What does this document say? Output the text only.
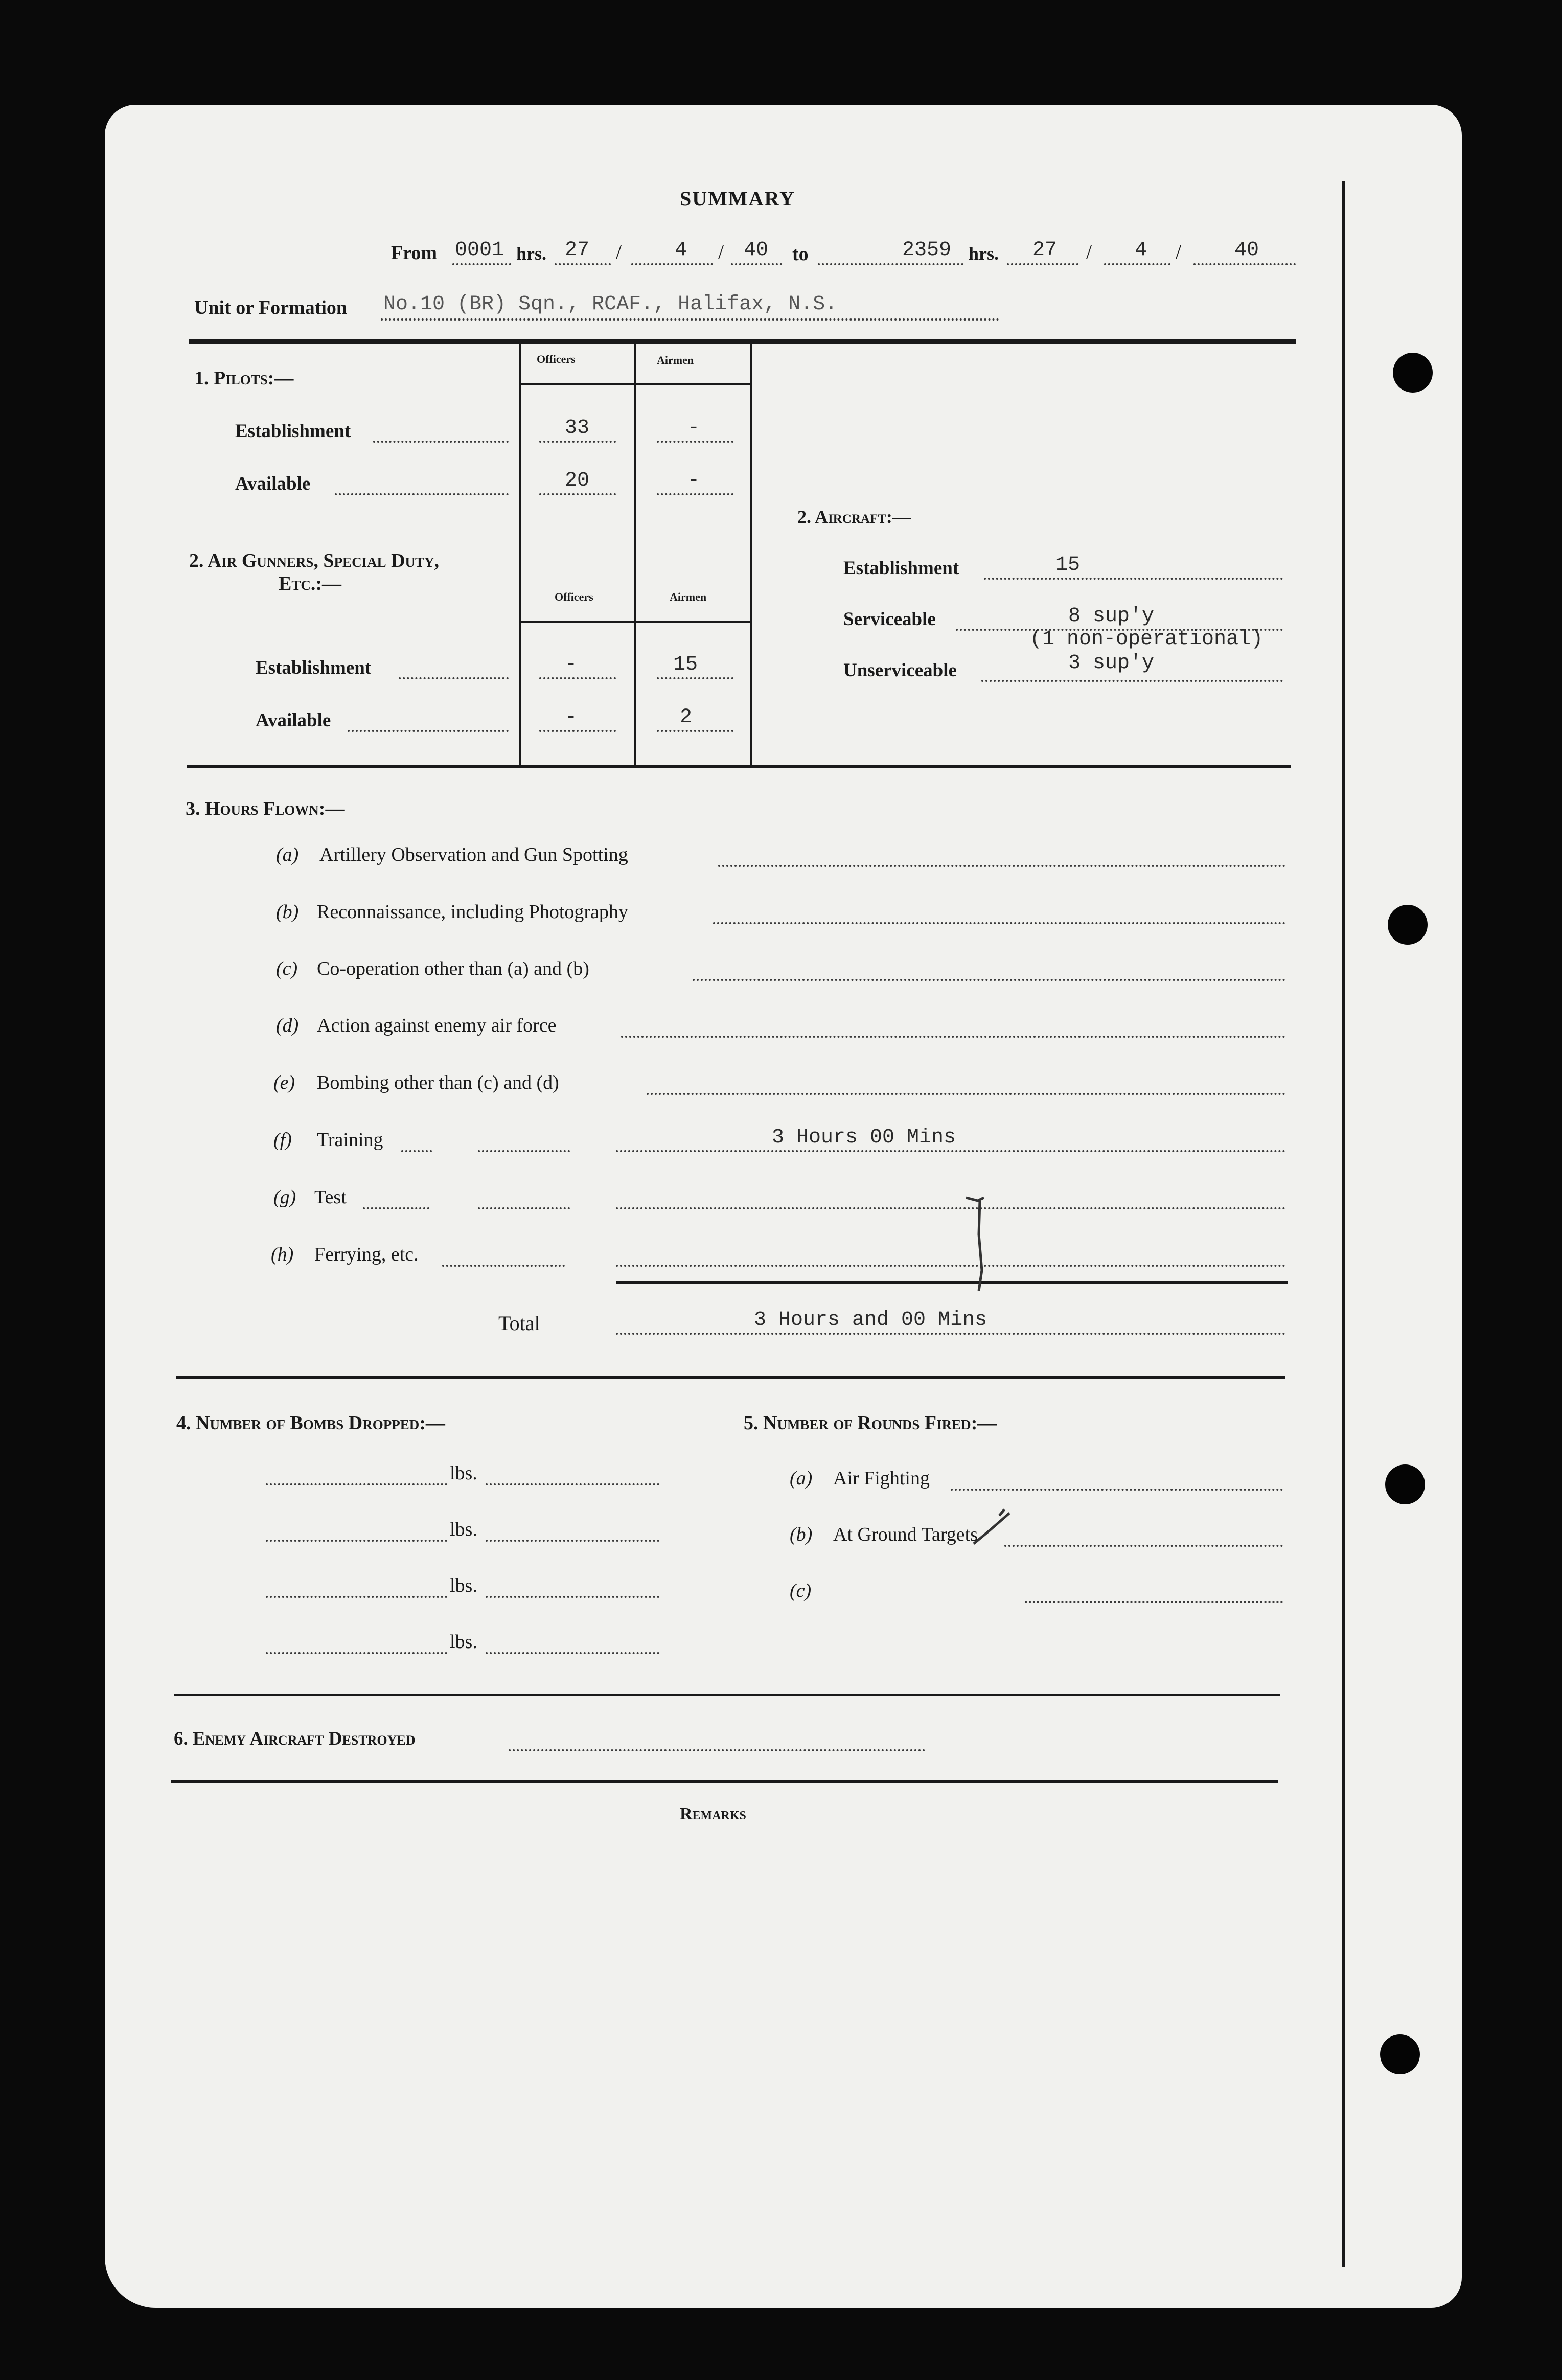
SUMMARY
From 0001 hrs. 27 /	4 / 40 to	2359 hrs. 27 / 4 /	40
Unit or Formation No.10 (BR) Sqn., RCAF., Halifax, N.S.
Officers	Airmen
1. Pilots:—
Establishment	33	-
Available	20	-
2. Air Gunners, Special Duty,
Etc.:—
Officers	Airmen
Establishment	-	15
Available	-	2
2. Aircraft:—
Establishment	15
Serviceable	8 sup'y
(1 non-operational)
Unserviceable	3 sup'y
3. Hours Flown:—
(a) Artillery Observation and Gun Spotting
(b) Reconnaissance, including Photography
(c) Co-operation other than (a) and (b)
(d) Action against enemy air force
(e) Bombing other than (c) and (d)
(f) Training	3 Hours 00 Mins
(g) Test
(h) Ferrying, etc.
Total	3 Hours and 00 Mins
4. Number of Bombs Dropped:—
lbs.
lbs.
lbs.
lbs.
5. Number of Rounds Fired:—
(a) Air Fighting
(b) At Ground Targets
(c)
6. Enemy Aircraft Destroyed
Remarks
